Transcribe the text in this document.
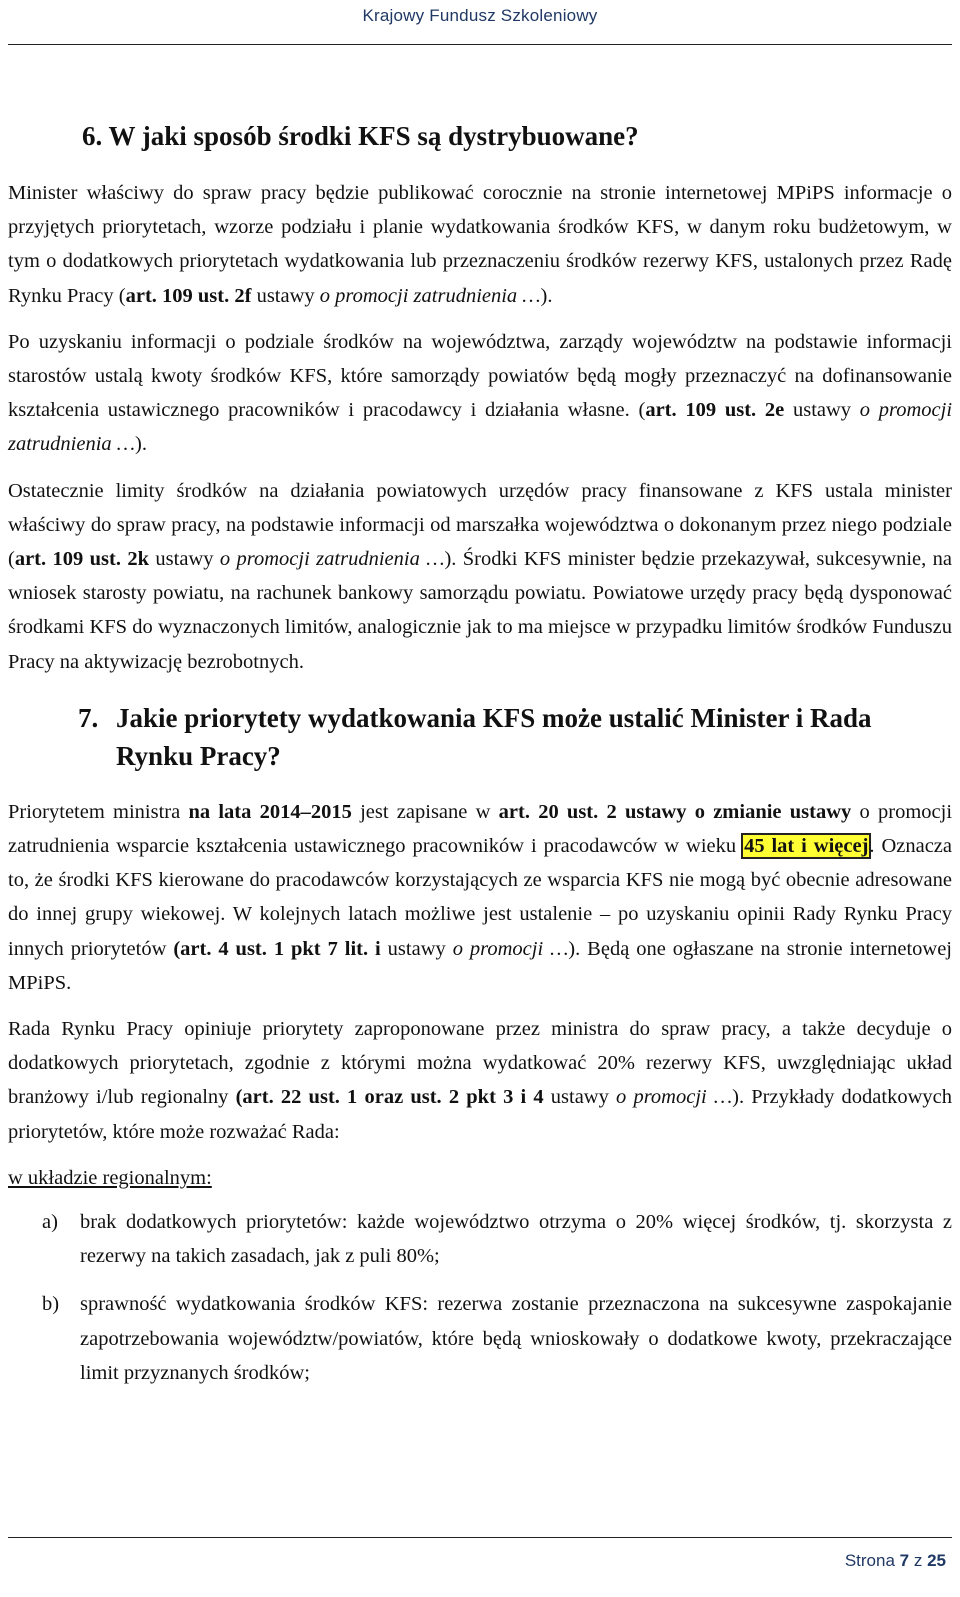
Krajowy Fundusz Szkoleniowy
6. W jaki sposób środki KFS są dystrybuowane?

Minister właściwy do spraw pracy będzie publikować corocznie na stronie internetowej MPiPS informacje o przyjętych priorytetach, wzorze podziału i planie wydatkowania środków KFS, w danym roku budżetowym, w tym o dodatkowych priorytetach wydatkowania lub przeznaczeniu środków rezerwy KFS, ustalonych przez Radę Rynku Pracy (art. 109 ust. 2f ustawy o promocji zatrudnienia …).

Po uzyskaniu informacji o podziale środków na województwa, zarządy województw na podstawie informacji starostów ustalą kwoty środków KFS, które samorządy powiatów będą mogły przeznaczyć na dofinansowanie kształcenia ustawicznego pracowników i pracodawcy i działania własne. (art. 109 ust. 2e ustawy o promocji zatrudnienia …).

Ostatecznie limity środków na działania powiatowych urzędów pracy finansowane z KFS ustala minister właściwy do spraw pracy, na podstawie informacji od marszałka województwa o dokonanym przez niego podziale (art. 109 ust. 2k ustawy o promocji zatrudnienia …). Środki KFS minister będzie przekazywał, sukcesywnie, na wniosek starosty powiatu, na rachunek bankowy samorządu powiatu. Powiatowe urzędy pracy będą dysponować środkami KFS do wyznaczonych limitów, analogicznie jak to ma miejsce w przypadku limitów środków Funduszu Pracy na aktywizację bezrobotnych.

7. Jakie priorytety wydatkowania KFS może ustalić Minister i Rada Rynku Pracy?

Priorytetem ministra na lata 2014–2015 jest zapisane w art. 20 ust. 2 ustawy o zmianie ustawy o promocji zatrudnienia wsparcie kształcenia ustawicznego pracowników i pracodawców w wieku 45 lat i więcej. Oznacza to, że środki KFS kierowane do pracodawców korzystających ze wsparcia KFS nie mogą być obecnie adresowane do innej grupy wiekowej. W kolejnych latach możliwe jest ustalenie – po uzyskaniu opinii Rady Rynku Pracy innych priorytetów (art. 4 ust. 1 pkt 7 lit. i ustawy o promocji …). Będą one ogłaszane na stronie internetowej MPiPS.

Rada Rynku Pracy opiniuje priorytety zaproponowane przez ministra do spraw pracy, a także decyduje o dodatkowych priorytetach, zgodnie z którymi można wydatkować 20% rezerwy KFS, uwzględniając układ branżowy i/lub regionalny (art. 22 ust. 1 oraz ust. 2 pkt 3 i 4 ustawy o promocji …). Przykłady dodatkowych priorytetów, które może rozważać Rada:

w układzie regionalnym:

a)	brak dodatkowych priorytetów: każde województwo otrzyma o 20% więcej środków, tj. skorzysta z rezerwy na takich zasadach, jak z puli 80%;
b)	sprawność wydatkowania środków KFS: rezerwa zostanie przeznaczona na sukcesywne zaspokajanie zapotrzebowania województw/powiatów, które będą wnioskowały o dodatkowe kwoty, przekraczające limit przyznanych środków;
Strona 7 z 25
